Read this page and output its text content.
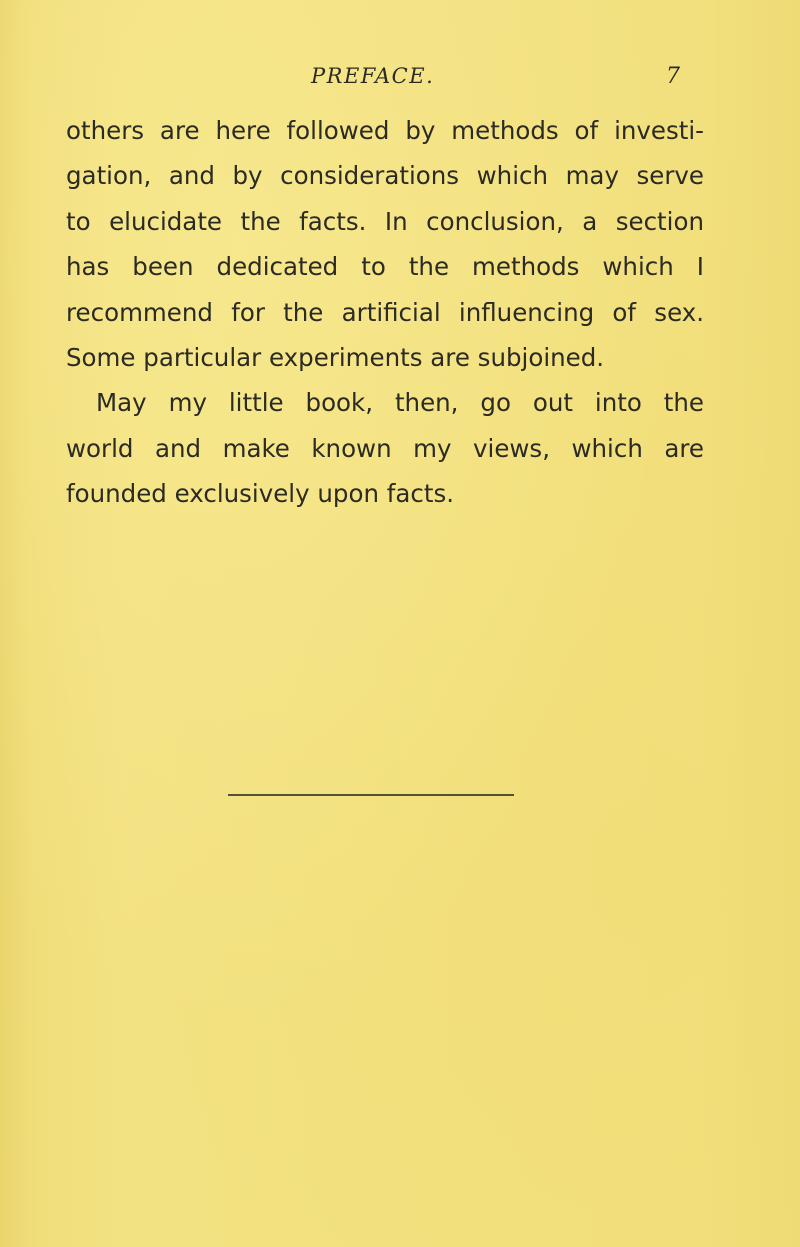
PREFACE.	7
others are here followed by methods of investi-
gation, and by considerations which may serve
to elucidate the facts. In conclusion, a section
has been dedicated to the methods which I
recommend for the artificial influencing of sex.
Some particular experiments are subjoined.
May my little book, then, go out into the
world and make known my views, which are
founded exclusively upon facts.
